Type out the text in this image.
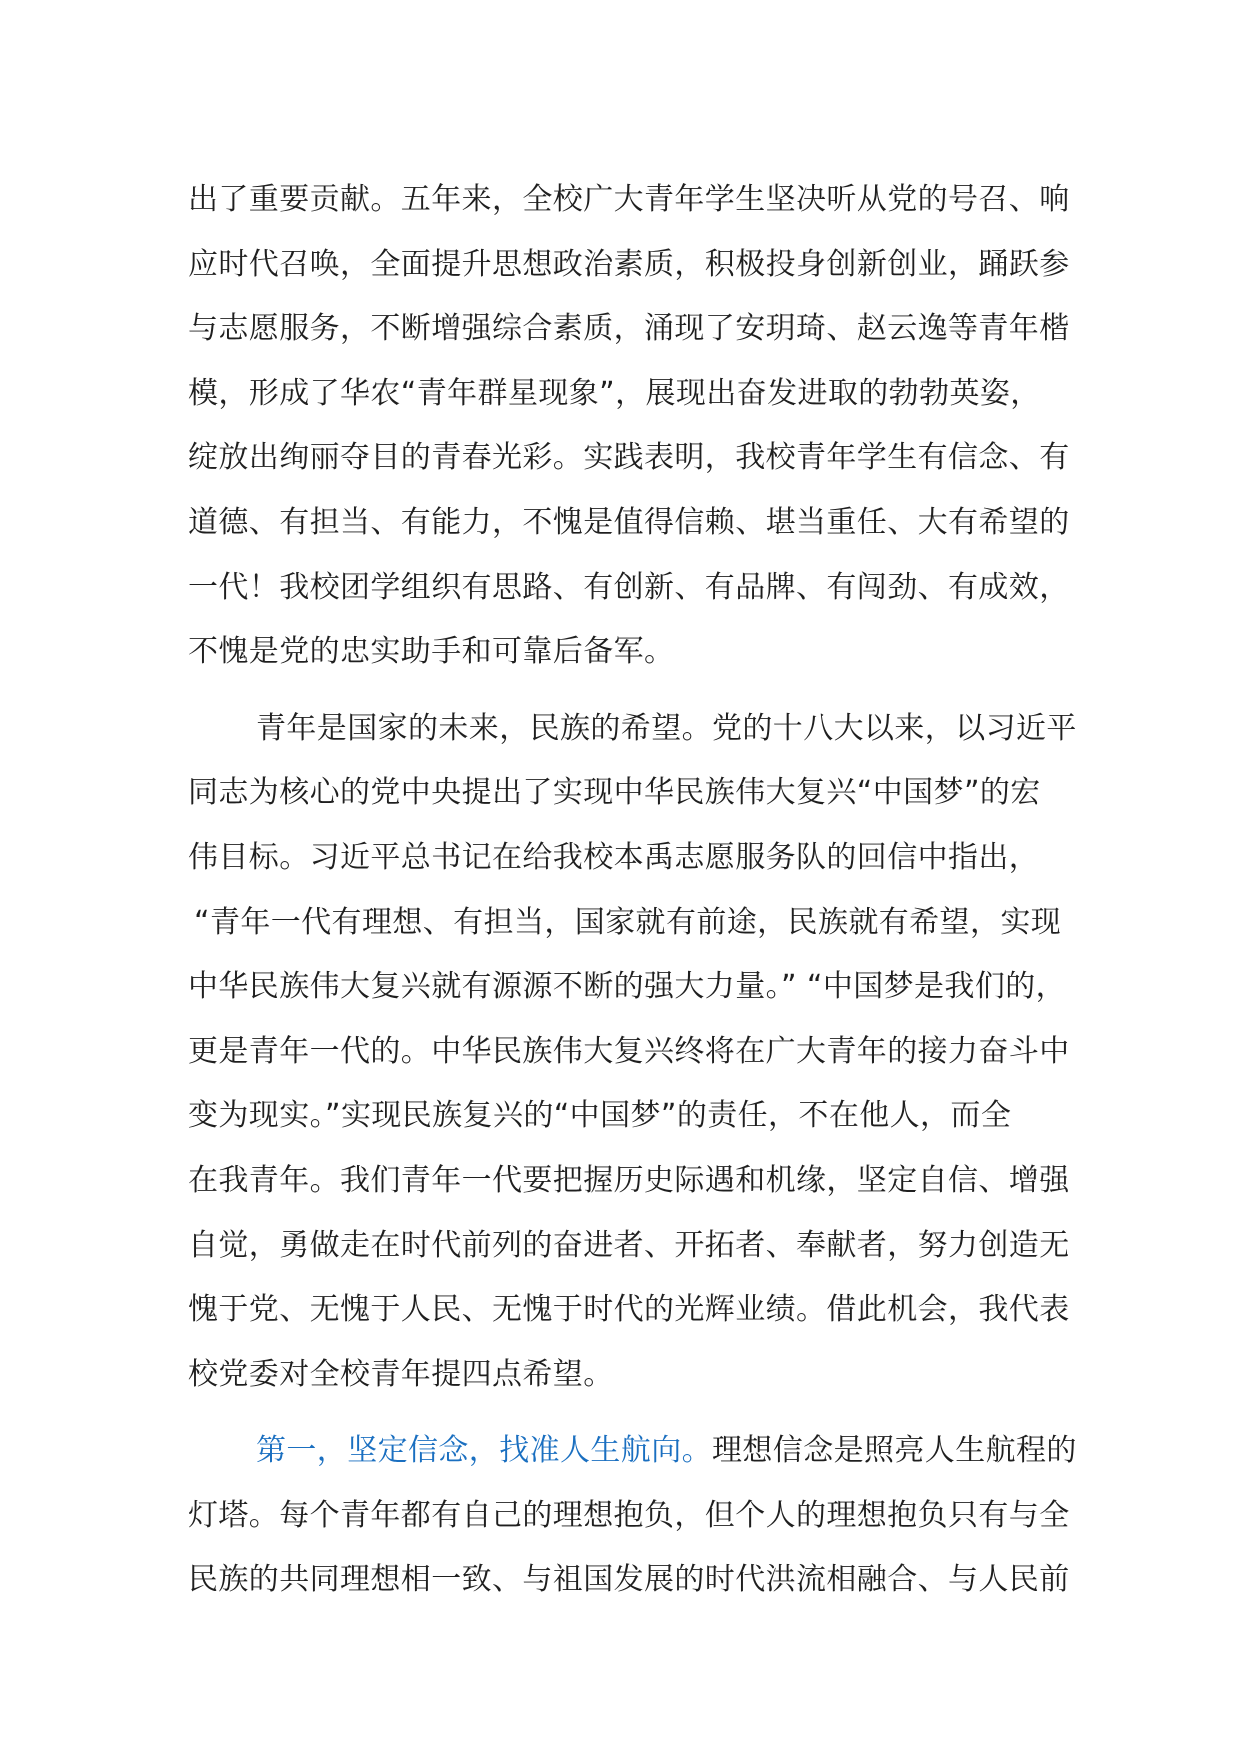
出了重要贡献。五年来，全校广大青年学生坚决听从党的号召、响
应时代召唤，全面提升思想政治素质，积极投身创新创业，踊跃参
与志愿服务，不断增强综合素质，涌现了安玥琦、赵云逸等青年楷
模，形成了华农“青年群星现象”，展现出奋发进取的勃勃英姿，
绽放出绚丽夺目的青春光彩。实践表明，我校青年学生有信念、有
道德、有担当、有能力，不愧是值得信赖、堪当重任、大有希望的
一代！我校团学组织有思路、有创新、有品牌、有闯劲、有成效，
不愧是党的忠实助手和可靠后备军。
青年是国家的未来，民族的希望。党的十八大以来，以习近平
同志为核心的党中央提出了实现中华民族伟大复兴“中国梦”的宏
伟目标。习近平总书记在给我校本禹志愿服务队的回信中指出，
“青年一代有理想、有担当，国家就有前途，民族就有希望，实现
中华民族伟大复兴就有源源不断的强大力量。” “中国梦是我们的，
更是青年一代的。中华民族伟大复兴终将在广大青年的接力奋斗中
变为现实。”实现民族复兴的“中国梦”的责任，不在他人，而全
在我青年。我们青年一代要把握历史际遇和机缘，坚定自信、增强
自觉，勇做走在时代前列的奋进者、开拓者、奉献者，努力创造无
愧于党、无愧于人民、无愧于时代的光辉业绩。借此机会，我代表
校党委对全校青年提四点希望。
第一，坚定信念，找准人生航向。理想信念是照亮人生航程的
灯塔。每个青年都有自己的理想抱负，但个人的理想抱负只有与全
民族的共同理想相一致、与祖国发展的时代洪流相融合、与人民前
